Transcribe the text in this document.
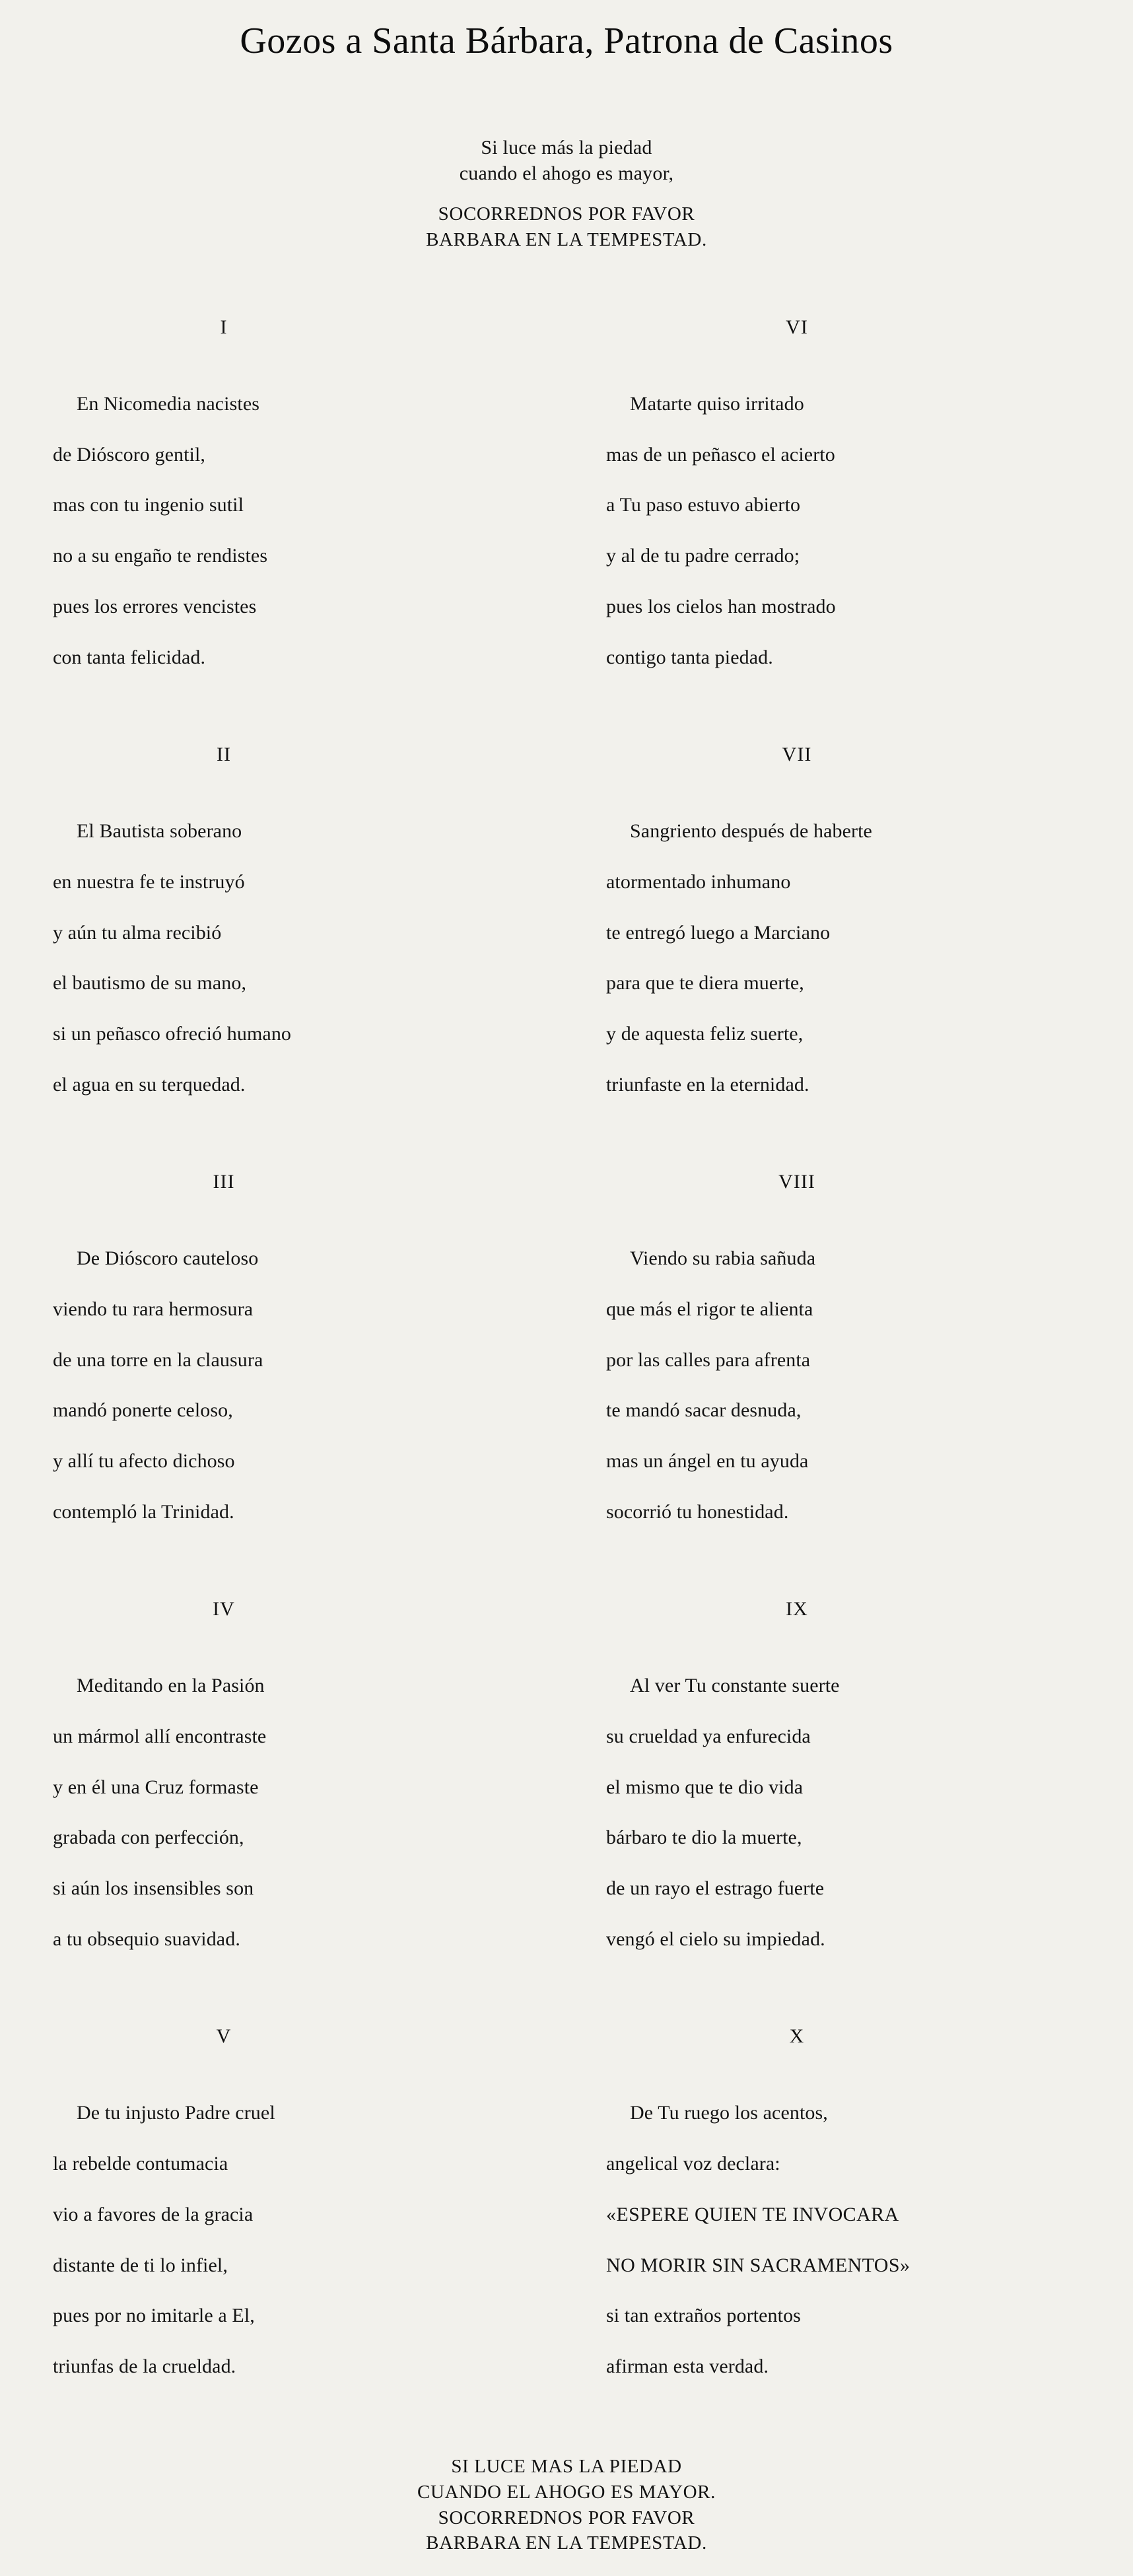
Gozos a Santa Bárbara, Patrona de Casinos
Si luce más la piedad
cuando el ahogo es mayor,
SOCORREDNOS POR FAVOR
BARBARA EN LA TEMPESTAD.
I

En Nicomedia nacistes

de Dióscoro gentil,

mas con tu ingenio sutil

no a su engaño te rendistes

pues los errores vencistes

con tanta felicidad.

II

El Bautista soberano

en nuestra fe te instruyó

y aún tu alma recibió

el bautismo de su mano,

si un peñasco ofreció humano

el agua en su terquedad.

III

De Dióscoro cauteloso

viendo tu rara hermosura

de una torre en la clausura

mandó ponerte celoso,

y allí tu afecto dichoso

contempló la Trinidad.

IV

Meditando en la Pasión

un mármol allí encontraste

y en él una Cruz formaste

grabada con perfección,

si aún los insensibles son

a tu obsequio suavidad.

V

De tu injusto Padre cruel

la rebelde contumacia

vio a favores de la gracia

distante de ti lo infiel,

pues por no imitarle a El,

triunfas de la crueldad.

VI

Matarte quiso irritado

mas de un peñasco el acierto

a Tu paso estuvo abierto

y al de tu padre cerrado;

pues los cielos han mostrado

contigo tanta piedad.

VII

Sangriento después de haberte

atormentado inhumano

te entregó luego a Marciano

para que te diera muerte,

y de aquesta feliz suerte,

triunfaste en la eternidad.

VIII

Viendo su rabia sañuda

que más el rigor te alienta

por las calles para afrenta

te mandó sacar desnuda,

mas un ángel en tu ayuda

socorrió tu honestidad.

IX

Al ver Tu constante suerte

su crueldad ya enfurecida

el mismo que te dio vida

bárbaro te dio la muerte,

de un rayo el estrago fuerte

vengó el cielo su impiedad.

X

De Tu ruego los acentos,

angelical voz declara:

«ESPERE QUIEN TE INVOCARA

NO MORIR SIN SACRAMENTOS»

si tan extraños portentos

afirman esta verdad.

SI LUCE MAS LA PIEDAD
CUANDO EL AHOGO ES MAYOR.
SOCORREDNOS POR FAVOR
BARBARA EN LA TEMPESTAD.
